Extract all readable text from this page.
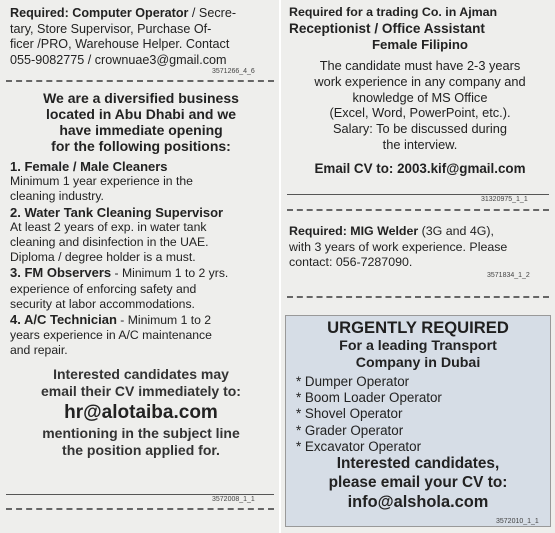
Required: Computer Operator / Secre-
tary, Store Supervisor, Purchase Of-
ficer /PRO, Warehouse Helper. Contact
055-9082775 / crownuae3@gmail.com
3571266_4_6
We are a diversified business
located in Abu Dhabi and we
have immediate opening
for the following positions:
1. Female / Male Cleaners
Minimum 1 year experience in the
cleaning industry.
2. Water Tank Cleaning Supervisor
At least 2 years of exp. in water tank
cleaning and disinfection in the UAE.
Diploma / degree holder is a must.
3. FM Observers - Minimum 1 to 2 yrs.
experience of enforcing safety and
security at labor accommodations.
4. A/C Technician - Minimum 1 to 2
years experience in A/C maintenance
and repair.
Interested candidates may
email their CV immediately to:
hr@alotaiba.com
mentioning in the subject line
the position applied for.
3572008_1_1
Required for a trading Co. in Ajman
Receptionist / Office Assistant
Female Filipino
The candidate must have 2-3 years
work experience in any company and
knowledge of MS Office
(Excel, Word, PowerPoint, etc.).
Salary: To be discussed during
the interview.
Email CV to: 2003.kif@gmail.com
31320975_1_1
Required: MIG Welder (3G and 4G),
with 3 years of work experience. Please
contact: 056-7287090.
3571834_1_2
URGENTLY REQUIRED
For a leading Transport
Company in Dubai
* Dumper Operator
* Boom Loader Operator
* Shovel Operator
* Grader Operator
* Excavator Operator
Interested candidates,
please email your CV to:
info@alshola.com
3572010_1_1
